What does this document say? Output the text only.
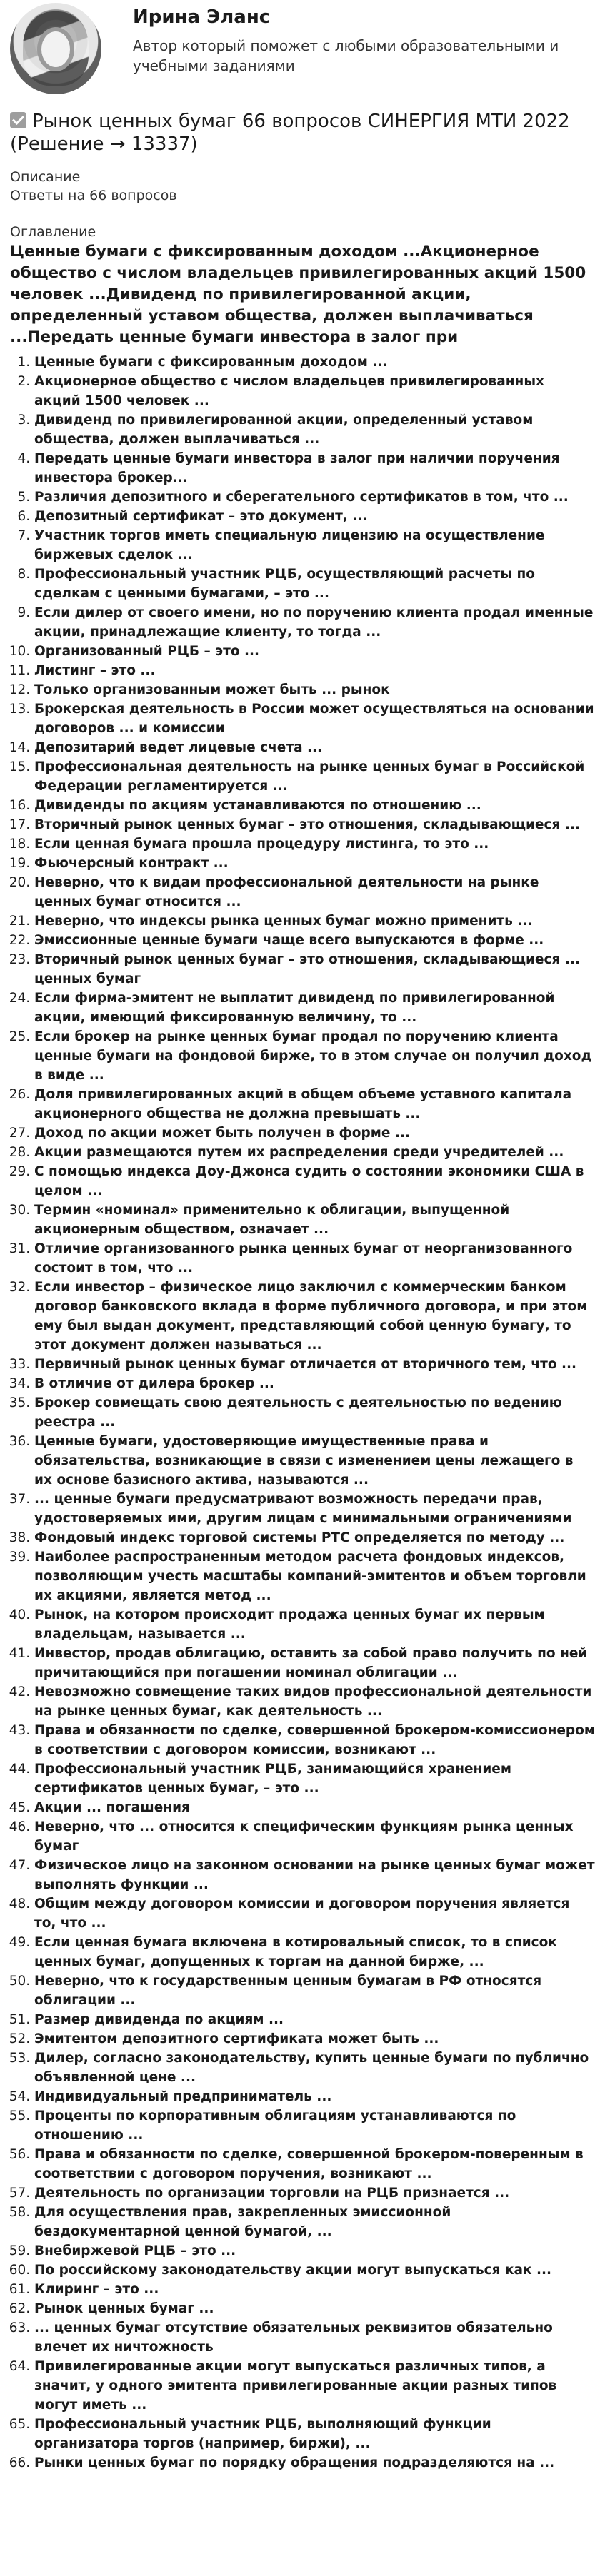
Ирина Эланс
Автор который поможет с любыми образовательными и учебными заданиями
Рынок ценных бумаг 66 вопросов СИНЕРГИЯ МТИ 2022 (Решение → 13337)
Описание
Ответы на 66 вопросов
Оглавление
Ценные бумаги с фиксированным доходом ...Акционерное общество с числом владельцев привилегированных акций 1500 человек ...Дивиденд по привилегированной акции, определенный уставом общества, должен выплачиваться ...Передать ценные бумаги инвестора в залог при
1. Ценные бумаги с фиксированным доходом ...
2. Акционерное общество с числом владельцев привилегированных акций 1500 человек ...
3. Дивиденд по привилегированной акции, определенный уставом общества, должен выплачиваться ...
4. Передать ценные бумаги инвестора в залог при наличии поручения инвестора брокер...
5. Различия депозитного и сберегательного сертификатов в том, что ...
6. Депозитный сертификат – это документ, ...
7. Участник торгов иметь специальную лицензию на осуществление биржевых сделок ...
8. Профессиональный участник РЦБ, осуществляющий расчеты по сделкам с ценными бумагами, – это ...
9. Если дилер от своего имени, но по поручению клиента продал именные акции, принадлежащие клиенту, то тогда ...
10. Организованный РЦБ – это ...
11. Листинг – это ...
12. Только организованным может быть ... рынок
13. Брокерская деятельность в России может осуществляться на основании договоров ... и комиссии
14. Депозитарий ведет лицевые счета ...
15. Профессиональная деятельность на рынке ценных бумаг в Российской Федерации регламентируется ...
16. Дивиденды по акциям устанавливаются по отношению ...
17. Вторичный рынок ценных бумаг – это отношения, складывающиеся ...
18. Если ценная бумага прошла процедуру листинга, то это ...
19. Фьючерсный контракт ...
20. Неверно, что к видам профессиональной деятельности на рынке ценных бумаг относится ...
21. Неверно, что индексы рынка ценных бумаг можно применить ...
22. Эмиссионные ценные бумаги чаще всего выпускаются в форме ...
23. Вторичный рынок ценных бумаг – это отношения, складывающиеся ... ценных бумаг
24. Если фирма-эмитент не выплатит дивиденд по привилегированной акции, имеющий фиксированную величину, то ...
25. Если брокер на рынке ценных бумаг продал по поручению клиента ценные бумаги на фондовой бирже, то в этом случае он получил доход в виде ...
26. Доля привилегированных акций в общем объеме уставного капитала акционерного общества не должна превышать ...
27. Доход по акции может быть получен в форме ...
28. Акции размещаются путем их распределения среди учредителей ...
29. С помощью индекса Доу-Джонса судить о состоянии экономики США в целом ...
30. Термин «номинал» применительно к облигации, выпущенной акционерным обществом, означает ...
31. Отличие организованного рынка ценных бумаг от неорганизованного состоит в том, что ...
32. Если инвестор – физическое лицо заключил с коммерческим банком договор банковского вклада в форме публичного договора, и при этом ему был выдан документ, представляющий собой ценную бумагу, то этот документ должен называться ...
33. Первичный рынок ценных бумаг отличается от вторичного тем, что ...
34. В отличие от дилера брокер ...
35. Брокер совмещать свою деятельность с деятельностью по ведению реестра ...
36. Ценные бумаги, удостоверяющие имущественные права и обязательства, возникающие в связи с изменением цены лежащего в их основе базисного актива, называются ...
37. ... ценные бумаги предусматривают возможность передачи прав, удостоверяемых ими, другим лицам с минимальными ограничениями
38. Фондовый индекс торговой системы РТС определяется по методу ...
39. Наиболее распространенным методом расчета фондовых индексов, позволяющим учесть масштабы компаний-эмитентов и объем торговли их акциями, является метод ...
40. Рынок, на котором происходит продажа ценных бумаг их первым владельцам, называется ...
41. Инвестор, продав облигацию, оставить за собой право получить по ней причитающийся при погашении номинал облигации ...
42. Невозможно совмещение таких видов профессиональной деятельности на рынке ценных бумаг, как деятельность ...
43. Права и обязанности по сделке, совершенной брокером-комиссионером в соответствии с договором комиссии, возникают ...
44. Профессиональный участник РЦБ, занимающийся хранением сертификатов ценных бумаг, – это ...
45. Акции ... погашения
46. Неверно, что ... относится к специфическим функциям рынка ценных бумаг
47. Физическое лицо на законном основании на рынке ценных бумаг может выполнять функции ...
48. Общим между договором комиссии и договором поручения является то, что ...
49. Если ценная бумага включена в котировальный список, то в список ценных бумаг, допущенных к торгам на данной бирже, ...
50. Неверно, что к государственным ценным бумагам в РФ относятся облигации ...
51. Размер дивиденда по акциям ...
52. Эмитентом депозитного сертификата может быть ...
53. Дилер, согласно законодательству, купить ценные бумаги по публично объявленной цене ...
54. Индивидуальный предприниматель ...
55. Проценты по корпоративным облигациям устанавливаются по отношению ...
56. Права и обязанности по сделке, совершенной брокером-поверенным в соответствии с договором поручения, возникают ...
57. Деятельность по организации торговли на РЦБ признается ...
58. Для осуществления прав, закрепленных эмиссионной бездокументарной ценной бумагой, ...
59. Внебиржевой РЦБ – это ...
60. По российскому законодательству акции могут выпускаться как ...
61. Клиринг – это ...
62. Рынок ценных бумаг ...
63. ... ценных бумаг отсутствие обязательных реквизитов обязательно влечет их ничтожность
64. Привилегированные акции могут выпускаться различных типов, а значит, у одного эмитента привилегированные акции разных типов могут иметь ...
65. Профессиональный участник РЦБ, выполняющий функции организатора торгов (например, биржи), ...
66. Рынки ценных бумаг по порядку обращения подразделяются на ...
